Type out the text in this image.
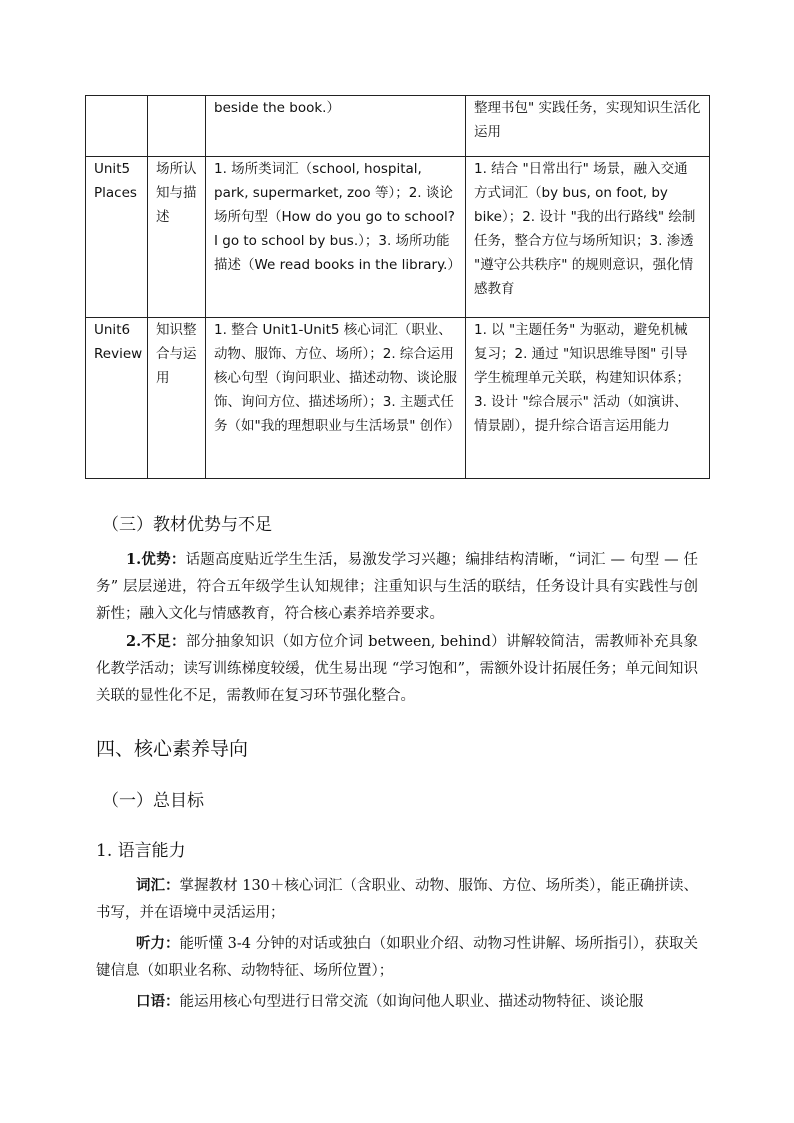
		beside the book.）	整理书包" 实践任务，实现知识生活化运用
Unit5 Places	场所认知与描述	1. 场所类词汇（school, hospital, park, supermarket, zoo 等）；2. 谈论场所句型（How do you go to school? I go to school by bus.）；3. 场所功能描述（We read books in the library.）	1. 结合 "日常出行" 场景，融入交通方式词汇（by bus, on foot, by bike）；2. 设计 "我的出行路线" 绘制任务，整合方位与场所知识；3. 渗透 "遵守公共秩序" 的规则意识，强化情感教育
Unit6 Review	知识整合与运用	1. 整合 Unit1-Unit5 核心词汇（职业、动物、服饰、方位、场所）；2. 综合运用核心句型（询问职业、描述动物、谈论服饰、询问方位、描述场所）；3. 主题式任务（如"我的理想职业与生活场景" 创作）	1. 以 "主题任务" 为驱动，避免机械复习；2. 通过 "知识思维导图" 引导学生梳理单元关联，构建知识体系；3. 设计 "综合展示" 活动（如演讲、情景剧），提升综合语言运用能力
（三）教材优势与不足

1.优势：话题高度贴近学生生活，易激发学习兴趣；编排结构清晰，“词汇 — 句型 — 任务” 层层递进，符合五年级学生认知规律；注重知识与生活的联结，任务设计具有实践性与创新性；融入文化与情感教育，符合核心素养培养要求。

2.不足：部分抽象知识（如方位介词 between, behind）讲解较简洁，需教师补充具象化教学活动；读写训练梯度较缓，优生易出现 “学习饱和”，需额外设计拓展任务；单元间知识关联的显性化不足，需教师在复习环节强化整合。

四、核心素养导向
（一）总目标
1. 语言能力

词汇：掌握教材 130＋核心词汇（含职业、动物、服饰、方位、场所类），能正确拼读、书写，并在语境中灵活运用；

听力：能听懂 3-4 分钟的对话或独白（如职业介绍、动物习性讲解、场所指引），获取关键信息（如职业名称、动物特征、场所位置）；

口语：能运用核心句型进行日常交流（如询问他人职业、描述动物特征、谈论服
